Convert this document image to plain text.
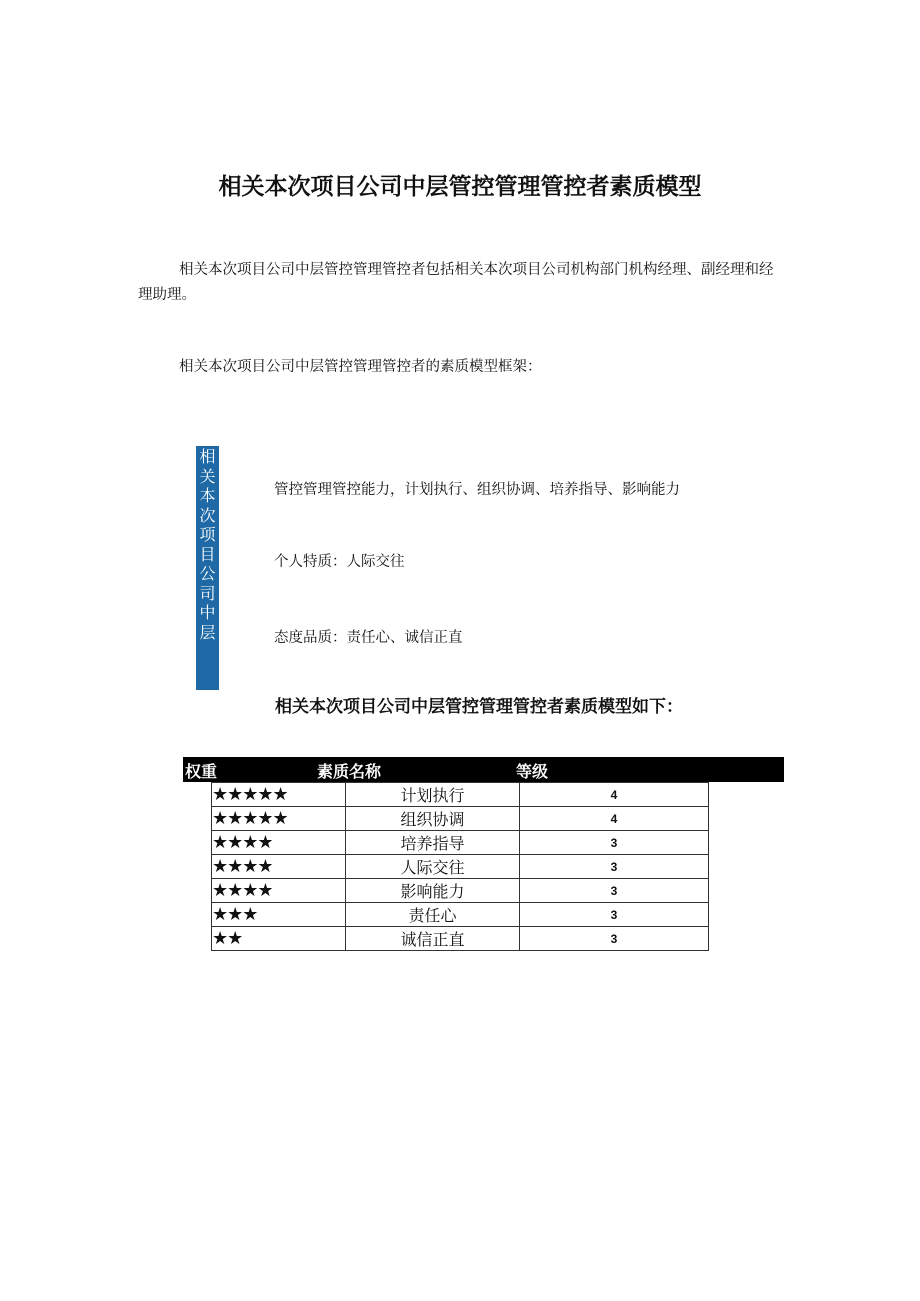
相关本次项目公司中层管控管理管控者素质模型
相关本次项目公司中层管控管理管控者包括相关本次项目公司机构部门机构经理、副经理和经理助理。
相关本次项目公司中层管控管理管控者的素质模型框架：
相
关
本
次
项
目
公
司
中
层
管控管理管控能力，计划执行、组织协调、培养指导、影响能力
个人特质：人际交往
态度品质：责任心、诚信正直
相关本次项目公司中层管控管理管控者素质模型如下：
权重	素质名称	等级
★★★★★	计划执行	4
★★★★★	组织协调	4
★★★★	培养指导	3
★★★★	人际交往	3
★★★★	影响能力	3
★★★	责任心	3
★★	诚信正直	3
